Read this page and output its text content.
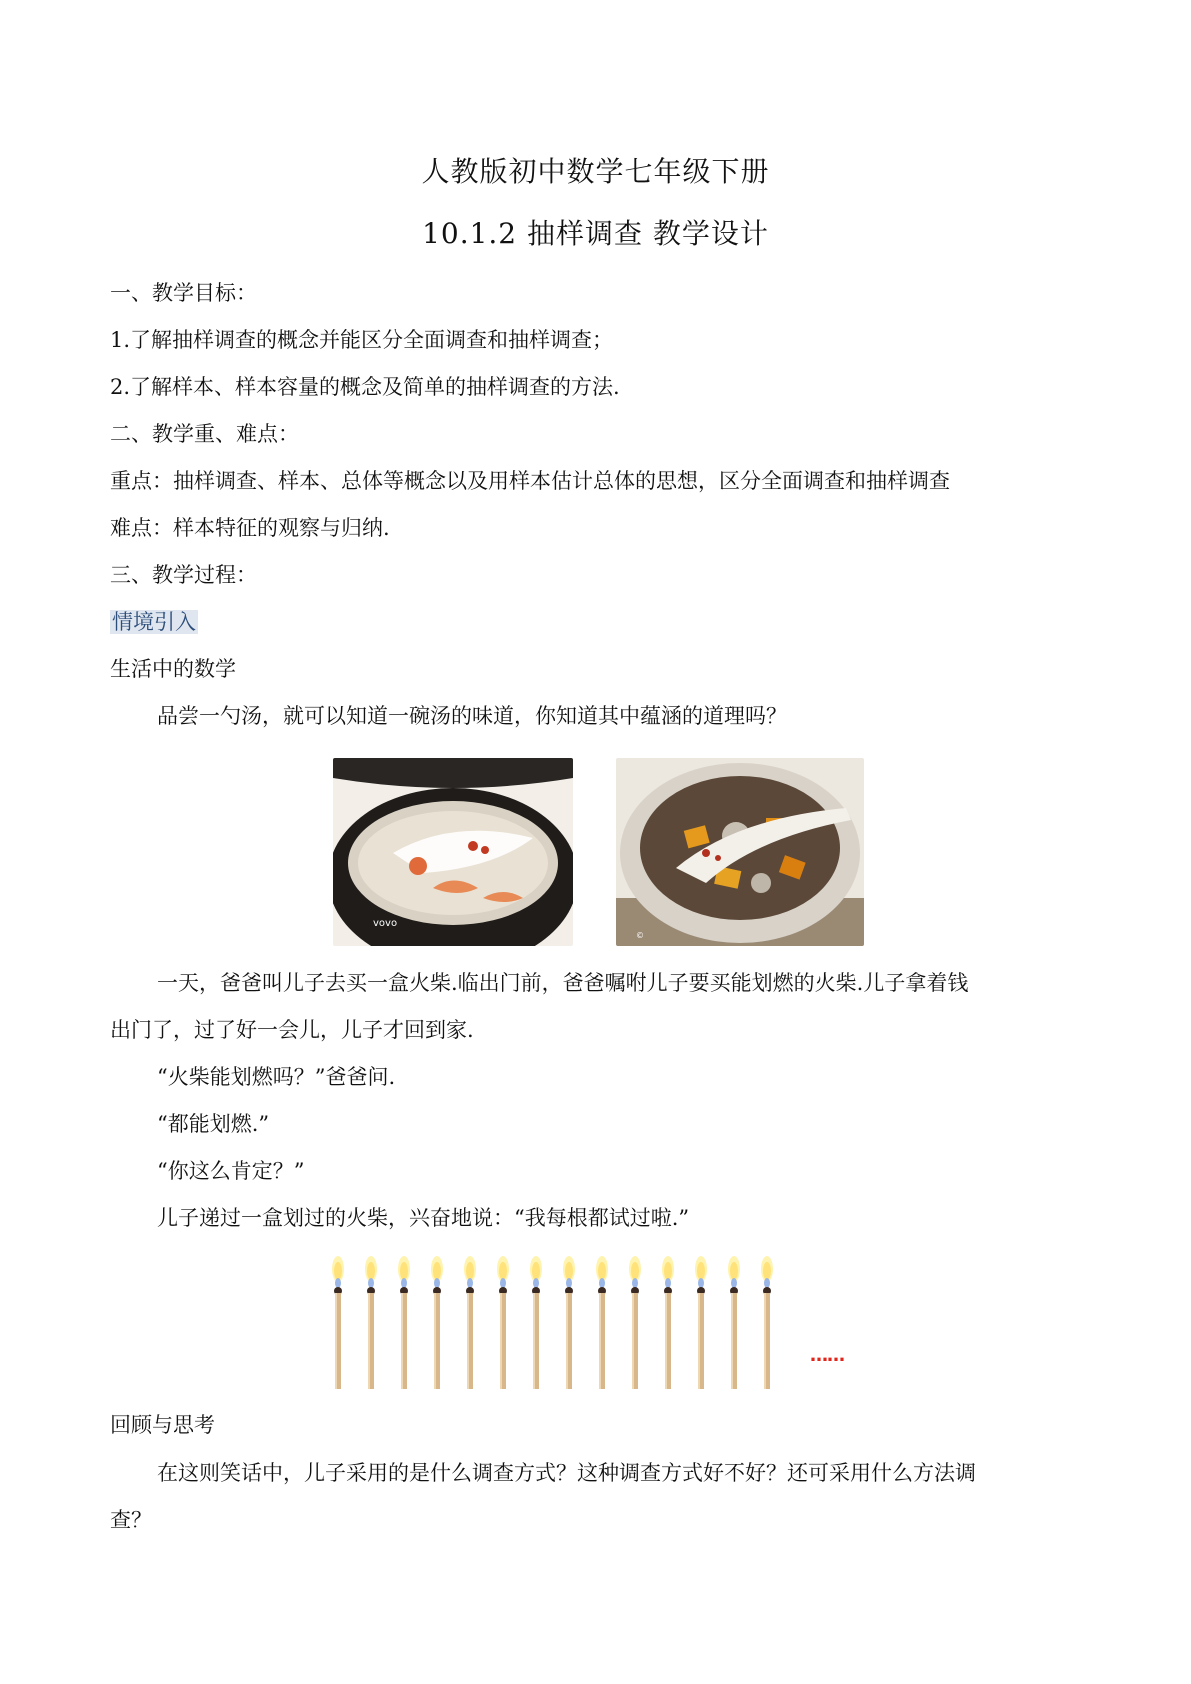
人教版初中数学七年级下册
10.1.2 抽样调查 教学设计
一、教学目标：
1.了解抽样调查的概念并能区分全面调查和抽样调查；
2.了解样本、样本容量的概念及简单的抽样调查的方法.
二、教学重、难点：
重点：抽样调查、样本、总体等概念以及用样本估计总体的思想，区分全面调查和抽样调查
难点：样本特征的观察与归纳.
三、教学过程：
情境引入
生活中的数学
品尝一勺汤，就可以知道一碗汤的味道，你知道其中蕴涵的道理吗？
vovo
©
一天，爸爸叫儿子去买一盒火柴.临出门前，爸爸嘱咐儿子要买能划燃的火柴.儿子拿着钱
出门了，过了好一会儿，儿子才回到家.
“火柴能划燃吗？”爸爸问.
“都能划燃.”
“你这么肯定？”
儿子递过一盒划过的火柴，兴奋地说：“我每根都试过啦.”
……
回顾与思考
在这则笑话中，儿子采用的是什么调查方式？这种调查方式好不好？还可采用什么方法调
查？
